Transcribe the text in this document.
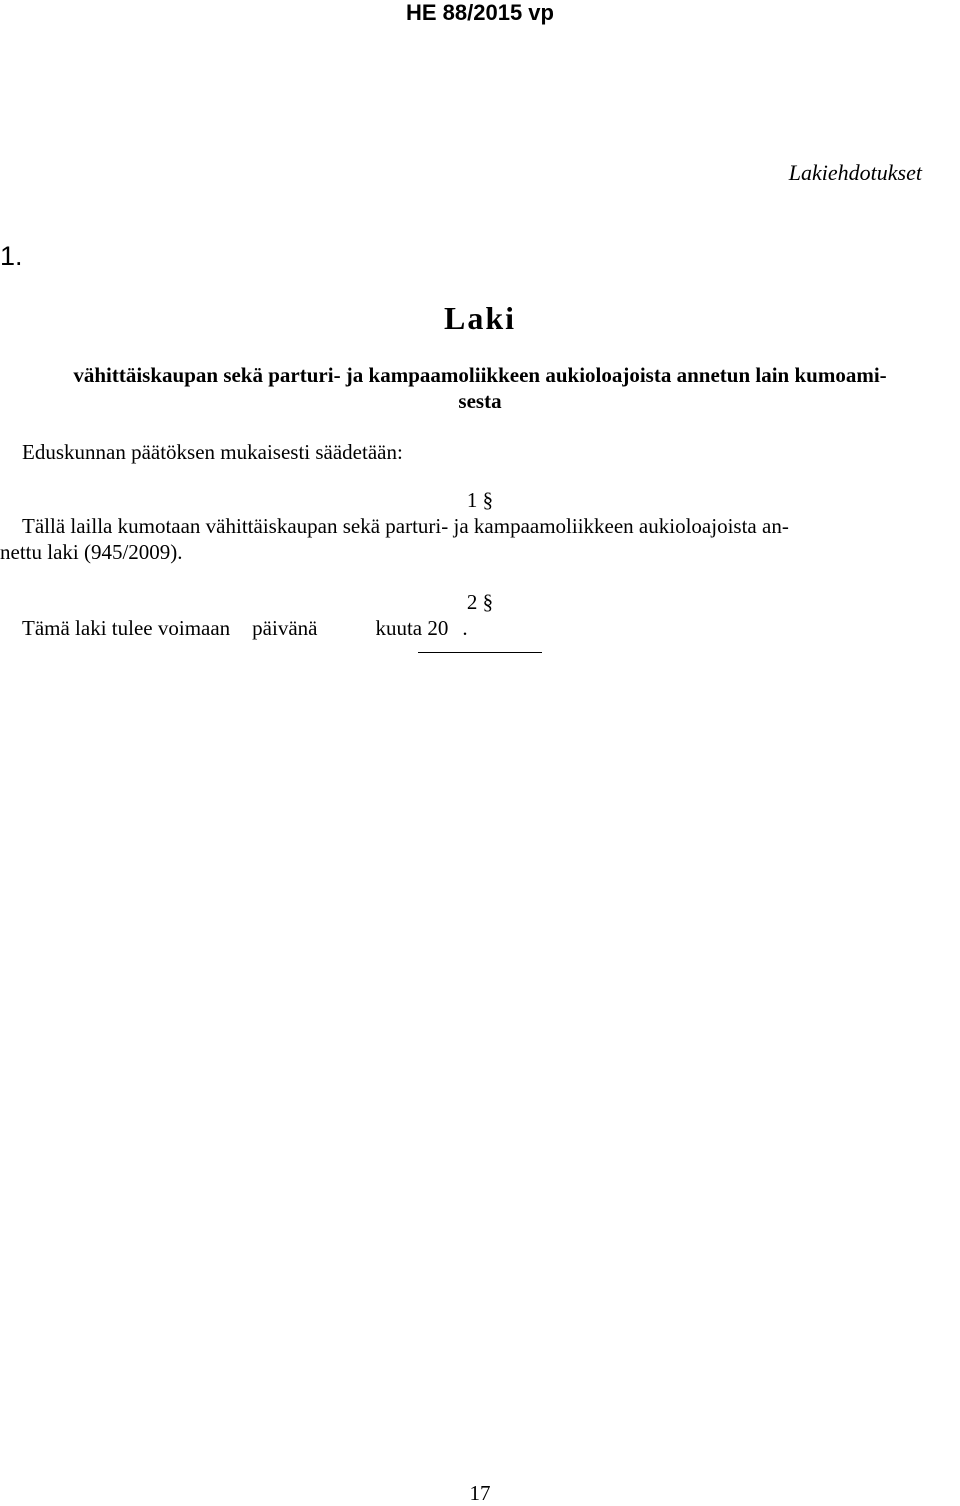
HE 88/2015 vp
Lakiehdotukset
1.
Laki
vähittäiskaupan sekä parturi- ja kampaamoliikkeen aukioloajoista annetun lain kumoami-
sesta
Eduskunnan päätöksen mukaisesti säädetään:
1 §
Tällä lailla kumotaan vähittäiskaupan sekä parturi- ja kampaamoliikkeen aukioloajoista an-
nettu laki (945/2009).
2 §
Tämä laki tulee voimaan päivänä	kuuta 20 .
17
